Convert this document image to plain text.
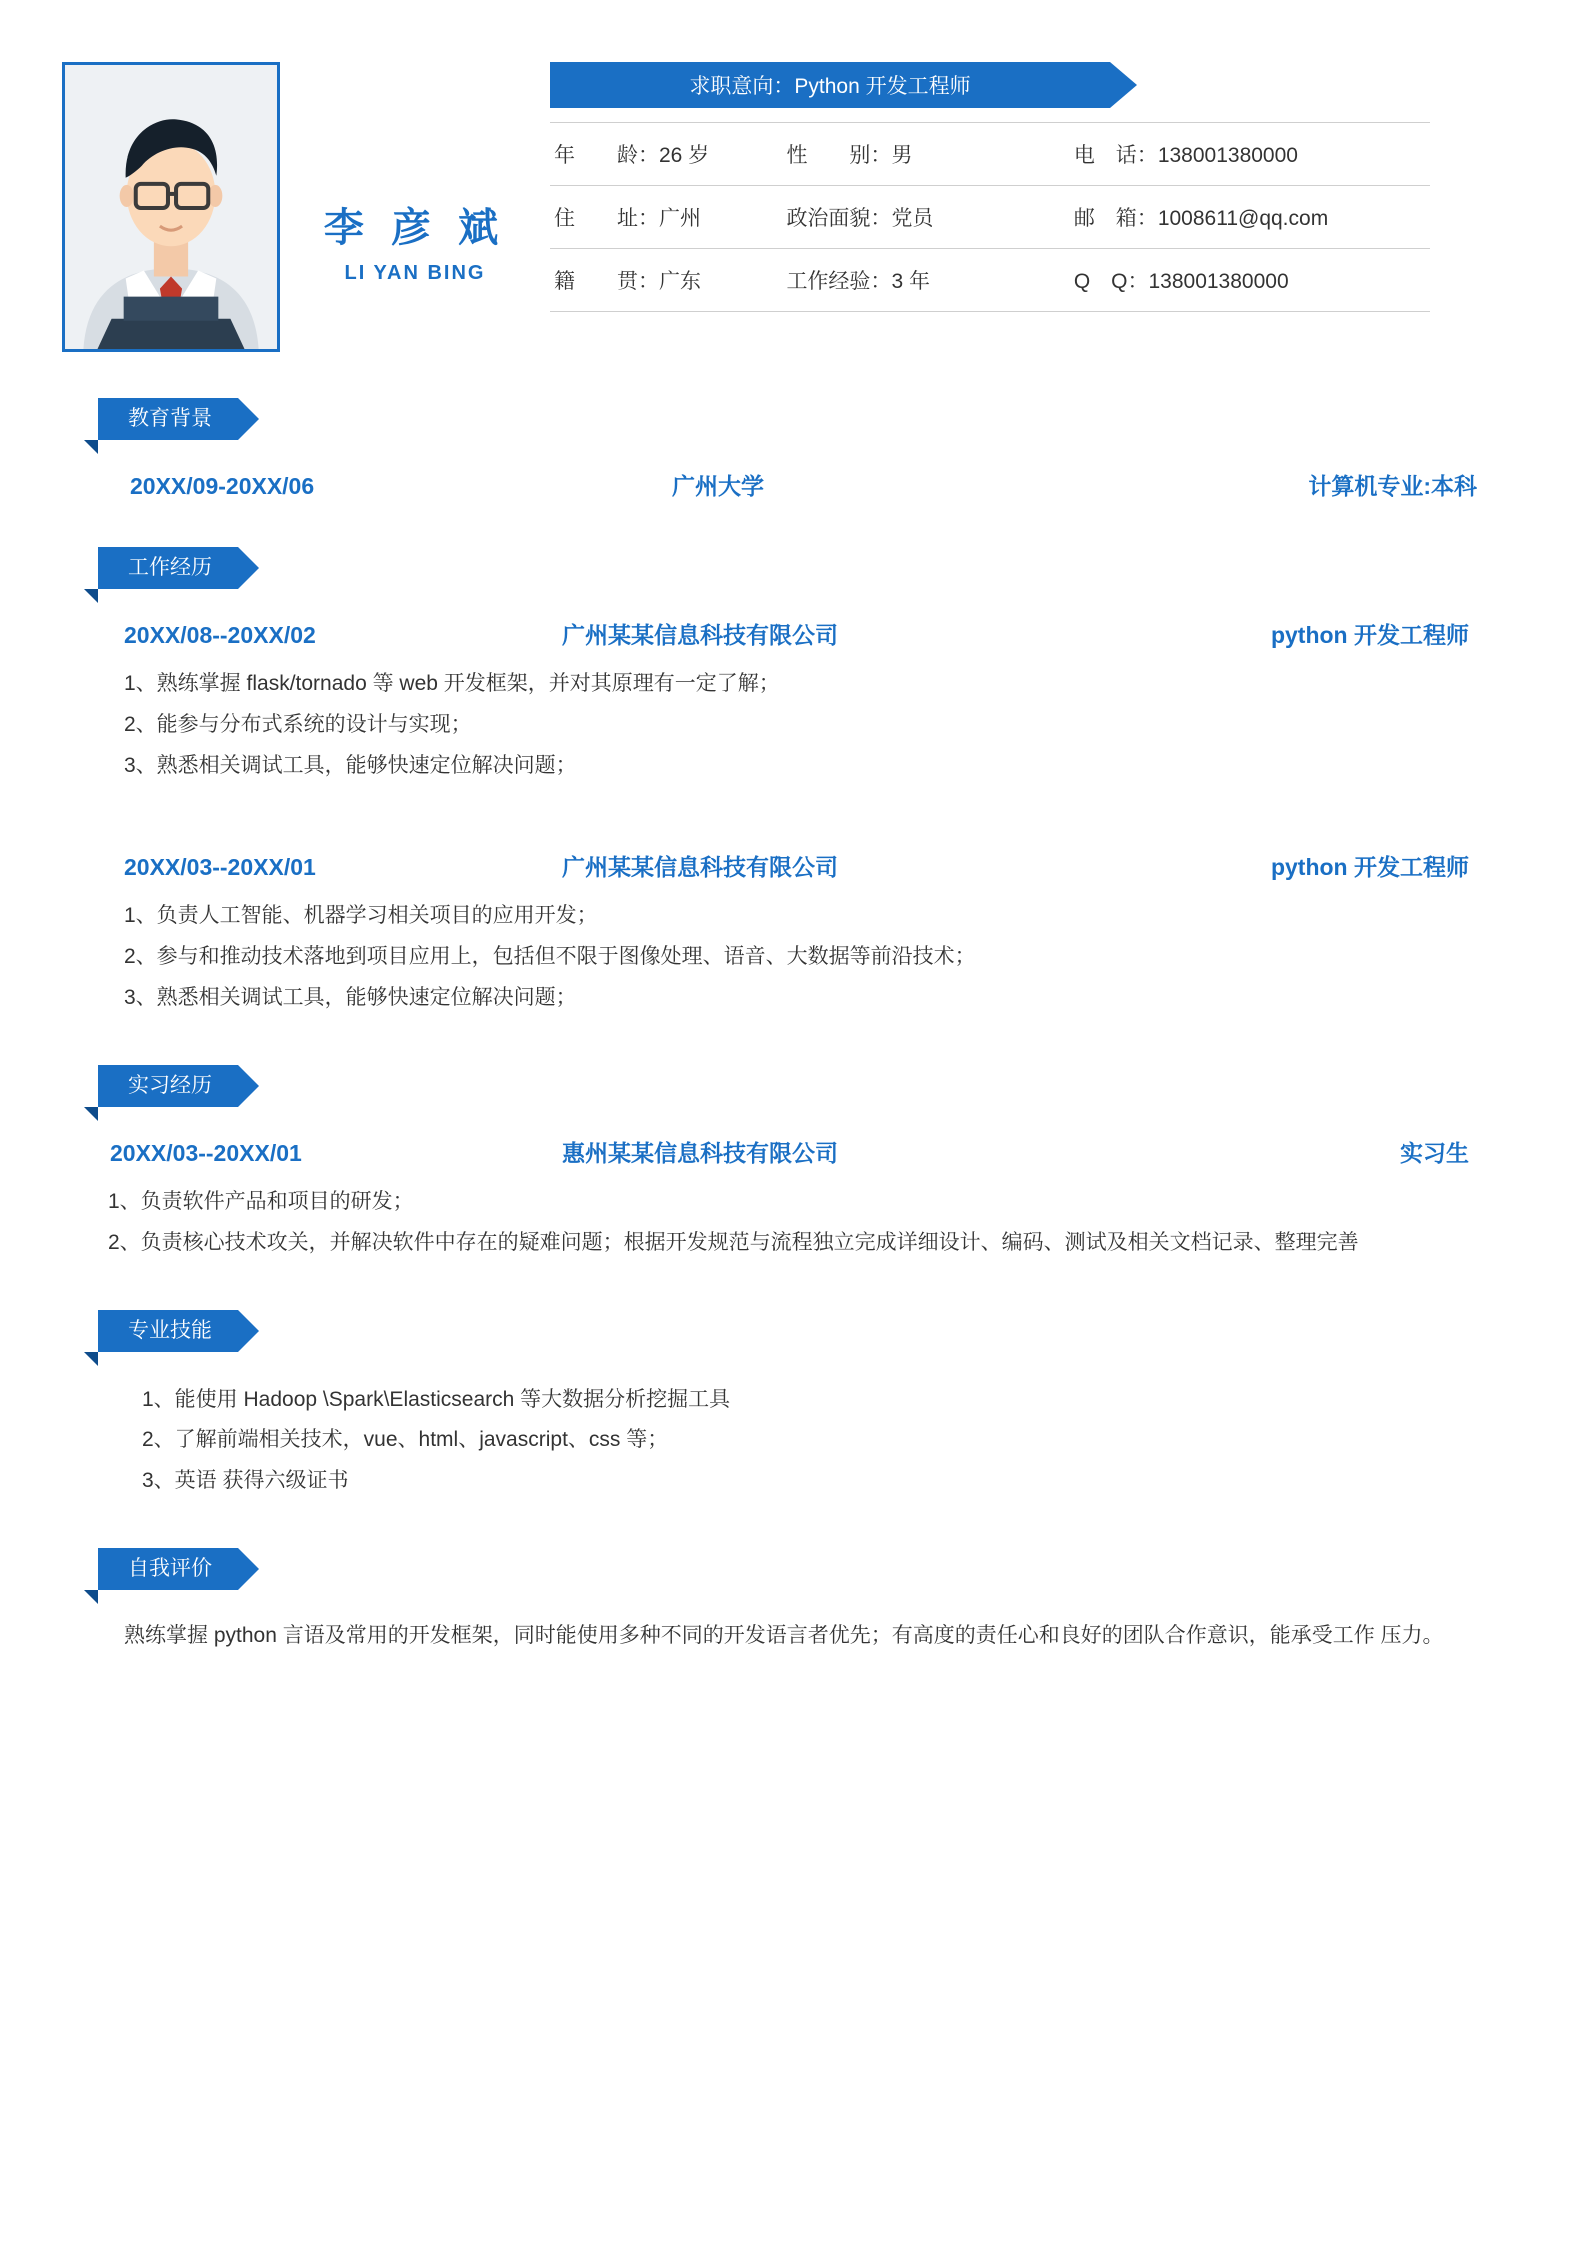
李 彦 斌
LI YAN BING
求职意向：Python 开发工程师
年　　龄：26 岁	性　　别：男	电　话：138001380000
住　　址：广州	政治面貌：党员	邮　箱：1008611@qq.com
籍　　贯：广东	工作经验：3 年	Q　Q：138001380000
教育背景
20XX/09-20XX/06	广州大学	计算机专业:本科
工作经历
20XX/08--20XX/02	广州某某信息科技有限公司	python 开发工程师
1、熟练掌握 flask/tornado 等 web 开发框架，并对其原理有一定了解；
2、能参与分布式系统的设计与实现；
3、熟悉相关调试工具，能够快速定位解决问题；
20XX/03--20XX/01	广州某某信息科技有限公司	python 开发工程师
1、负责人工智能、机器学习相关项目的应用开发；
2、参与和推动技术落地到项目应用上，包括但不限于图像处理、语音、大数据等前沿技术；
3、熟悉相关调试工具，能够快速定位解决问题；
实习经历
20XX/03--20XX/01	惠州某某信息科技有限公司	实习生
1、负责软件产品和项目的研发；
2、负责核心技术攻关，并解决软件中存在的疑难问题；根据开发规范与流程独立完成详细设计、编码、测试及相关文档记录、整理完善
专业技能
1、能使用 Hadoop \Spark\Elasticsearch 等大数据分析挖掘工具
2、了解前端相关技术，vue、html、javascript、css 等；
3、英语 获得六级证书
自我评价
熟练掌握 python 言语及常用的开发框架，同时能使用多种不同的开发语言者优先；有高度的责任心和良好的团队合作意识，能承受工作 压力。
